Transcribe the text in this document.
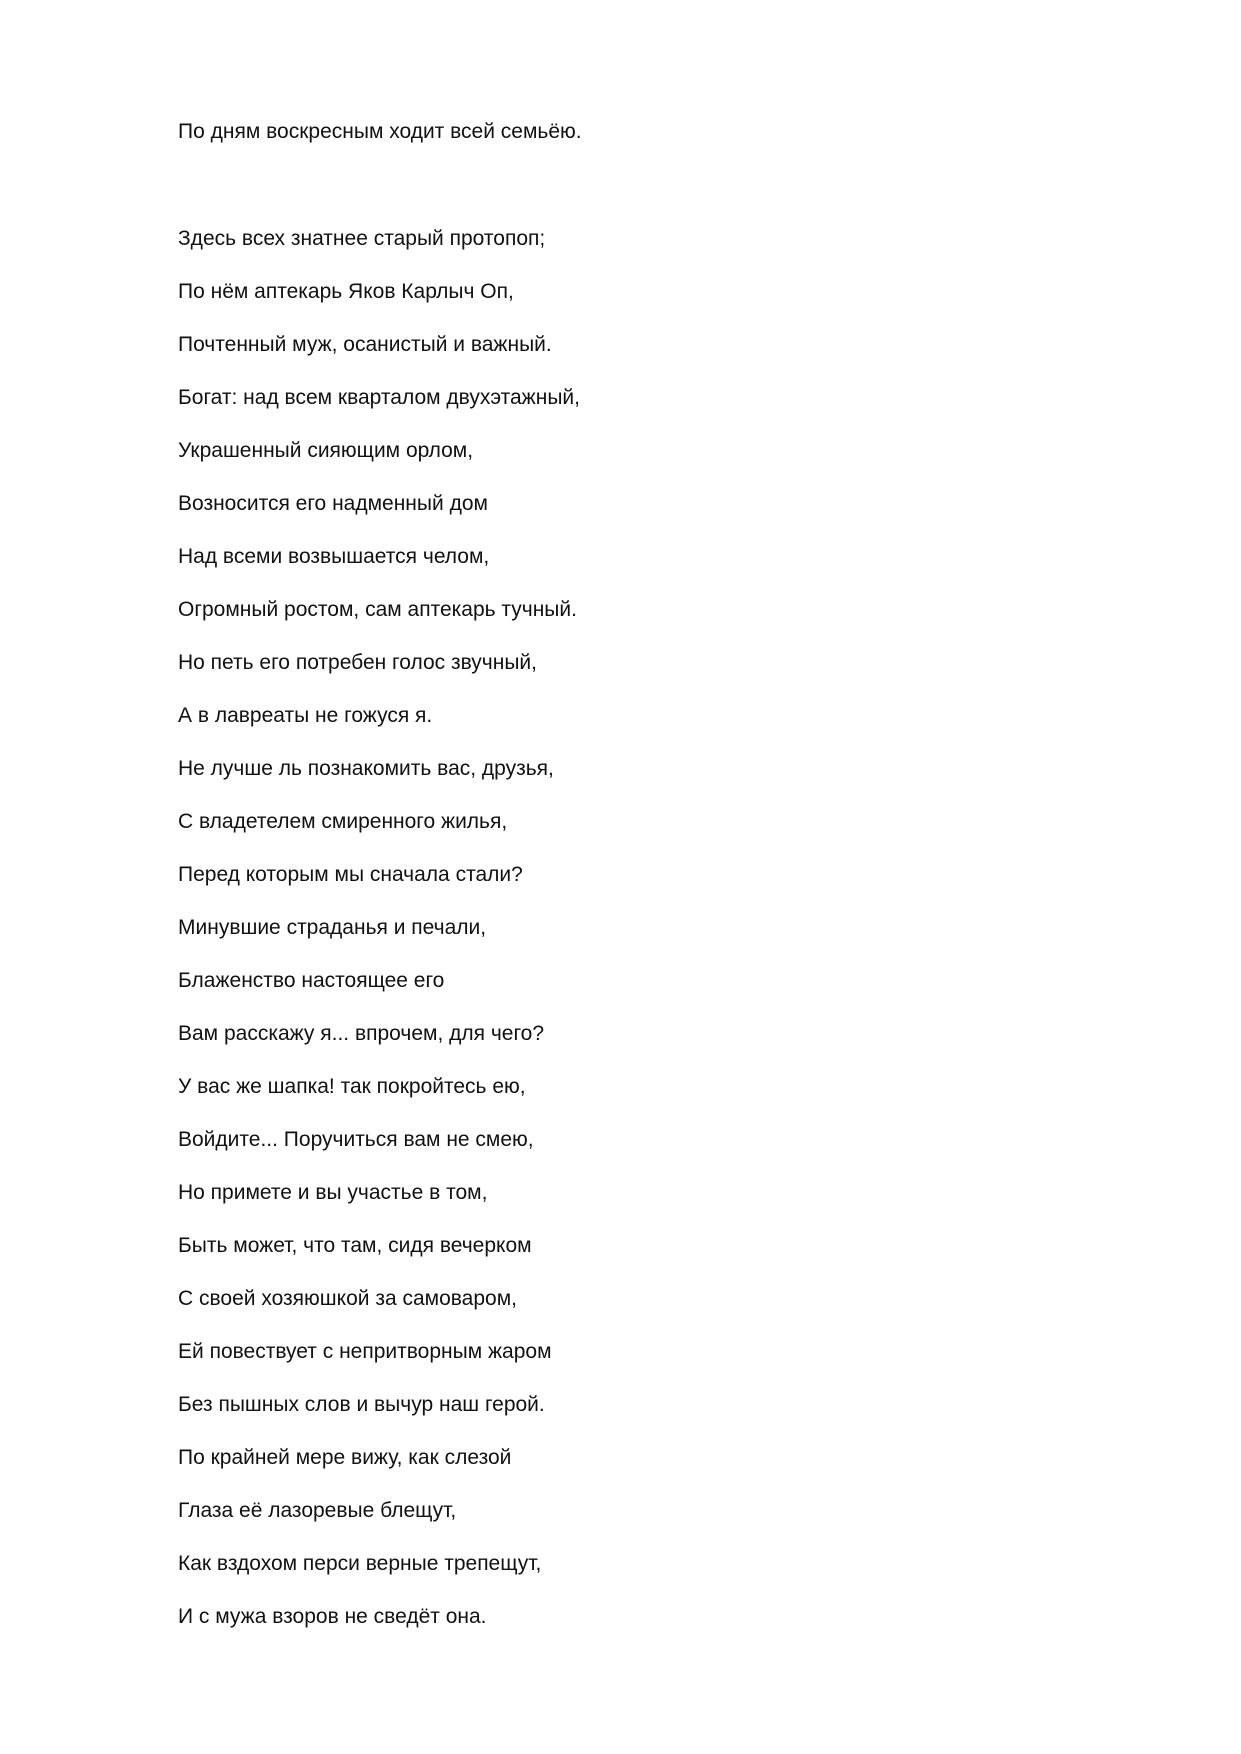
По дням воскресным ходит всей семьёю.

Здесь всех знатнее старый протопоп;

По нём аптекарь Яков Карлыч Оп,

Почтенный муж, осанистый и важный.

Богат: над всем кварталом двухэтажный,

Украшенный сияющим орлом,

Возносится его надменный дом

Над всеми возвышается челом,

Огромный ростом, сам аптекарь тучный.

Но петь его потребен голос звучный,

А в лавреаты не гожуся я.

Не лучше ль познакомить вас, друзья,

С владетелем смиренного жилья,

Перед которым мы сначала стали?

Минувшие страданья и печали,

Блаженство настоящее его

Вам расскажу я... впрочем, для чего?

У вас же шапка! так покройтесь ею,

Войдите... Поручиться вам не смею,

Но примете и вы участье в том,

Быть может, что там, сидя вечерком

С своей хозяюшкой за самоваром,

Ей повествует с непритворным жаром

Без пышных слов и вычур наш герой.

По крайней мере вижу, как слезой

Глаза её лазоревые блещут,

Как вздохом перси верные трепещут,

И с мужа взоров не сведёт она.
